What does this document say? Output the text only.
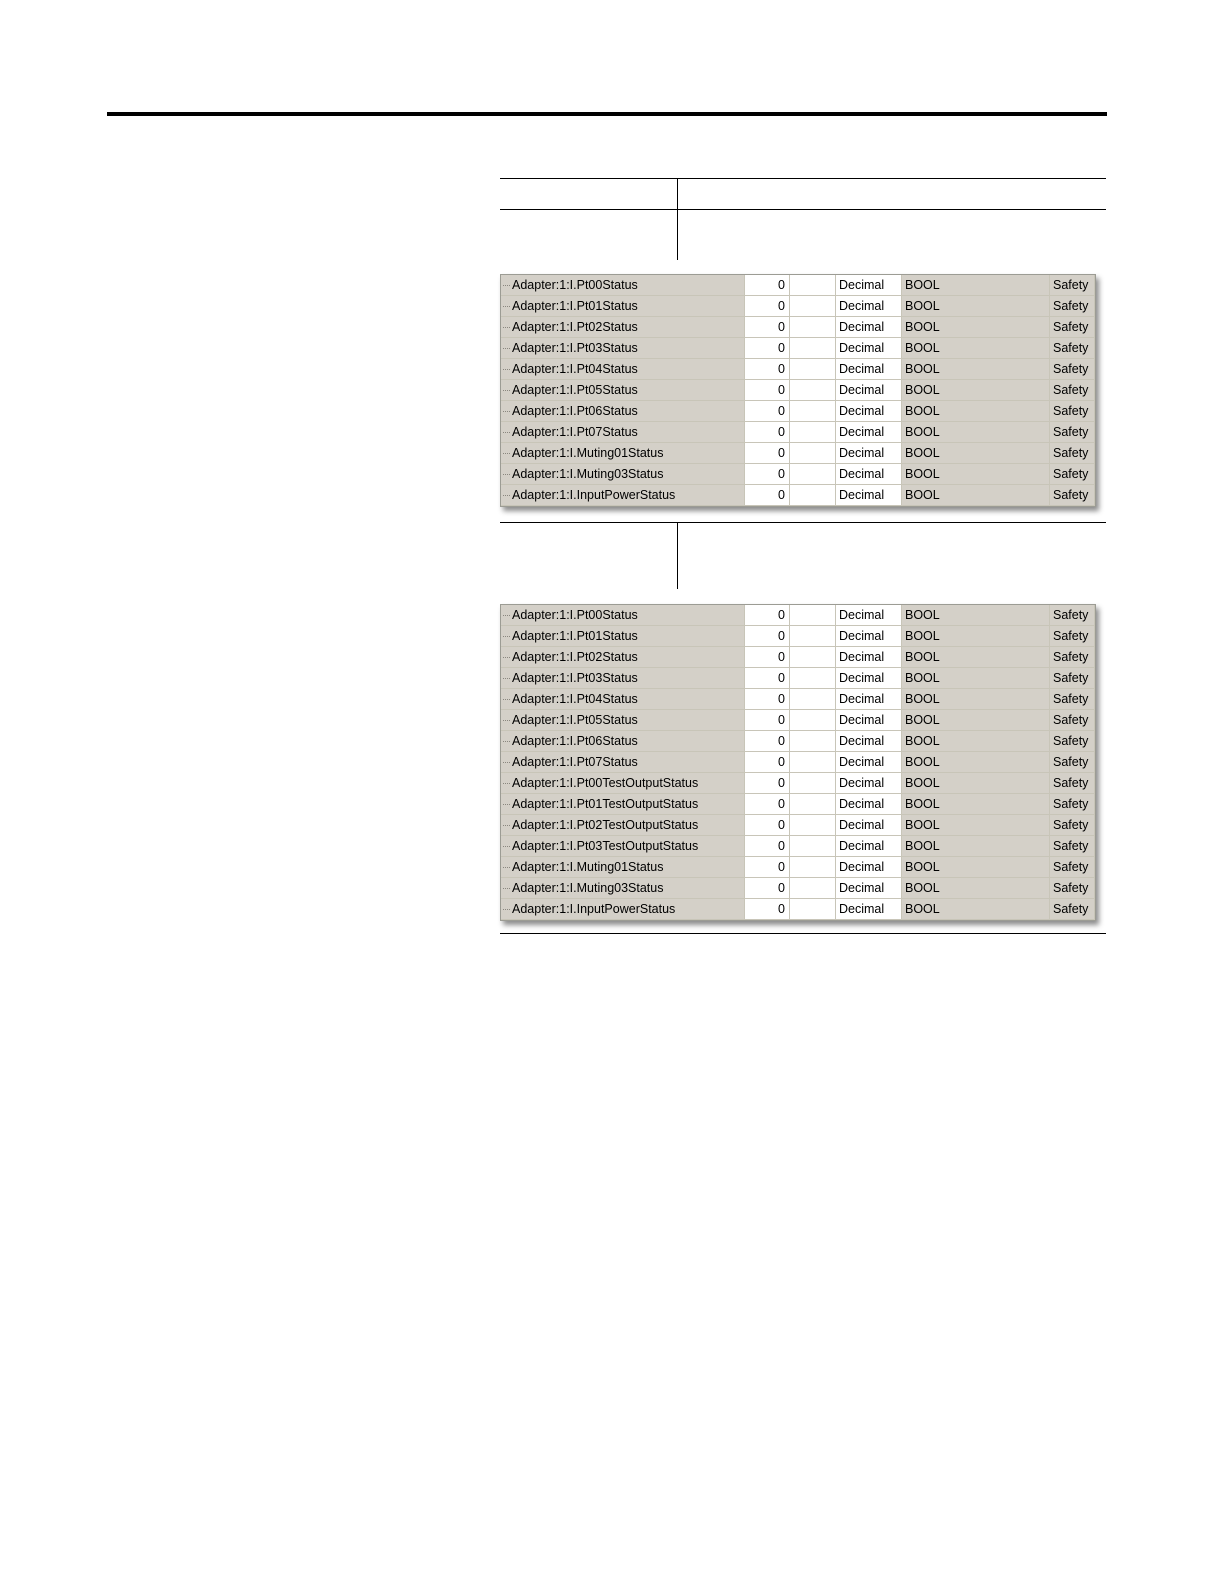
Adapter:1:I.Pt00Status	0	Decimal	BOOL	Safety
Adapter:1:I.Pt01Status	0	Decimal	BOOL	Safety
Adapter:1:I.Pt02Status	0	Decimal	BOOL	Safety
Adapter:1:I.Pt03Status	0	Decimal	BOOL	Safety
Adapter:1:I.Pt04Status	0	Decimal	BOOL	Safety
Adapter:1:I.Pt05Status	0	Decimal	BOOL	Safety
Adapter:1:I.Pt06Status	0	Decimal	BOOL	Safety
Adapter:1:I.Pt07Status	0	Decimal	BOOL	Safety
Adapter:1:I.Muting01Status	0	Decimal	BOOL	Safety
Adapter:1:I.Muting03Status	0	Decimal	BOOL	Safety
Adapter:1:I.InputPowerStatus	0	Decimal	BOOL	Safety
Adapter:1:I.Pt00Status	0	Decimal	BOOL	Safety
Adapter:1:I.Pt01Status	0	Decimal	BOOL	Safety
Adapter:1:I.Pt02Status	0	Decimal	BOOL	Safety
Adapter:1:I.Pt03Status	0	Decimal	BOOL	Safety
Adapter:1:I.Pt04Status	0	Decimal	BOOL	Safety
Adapter:1:I.Pt05Status	0	Decimal	BOOL	Safety
Adapter:1:I.Pt06Status	0	Decimal	BOOL	Safety
Adapter:1:I.Pt07Status	0	Decimal	BOOL	Safety
Adapter:1:I.Pt00TestOutputStatus	0	Decimal	BOOL	Safety
Adapter:1:I.Pt01TestOutputStatus	0	Decimal	BOOL	Safety
Adapter:1:I.Pt02TestOutputStatus	0	Decimal	BOOL	Safety
Adapter:1:I.Pt03TestOutputStatus	0	Decimal	BOOL	Safety
Adapter:1:I.Muting01Status	0	Decimal	BOOL	Safety
Adapter:1:I.Muting03Status	0	Decimal	BOOL	Safety
Adapter:1:I.InputPowerStatus	0	Decimal	BOOL	Safety
